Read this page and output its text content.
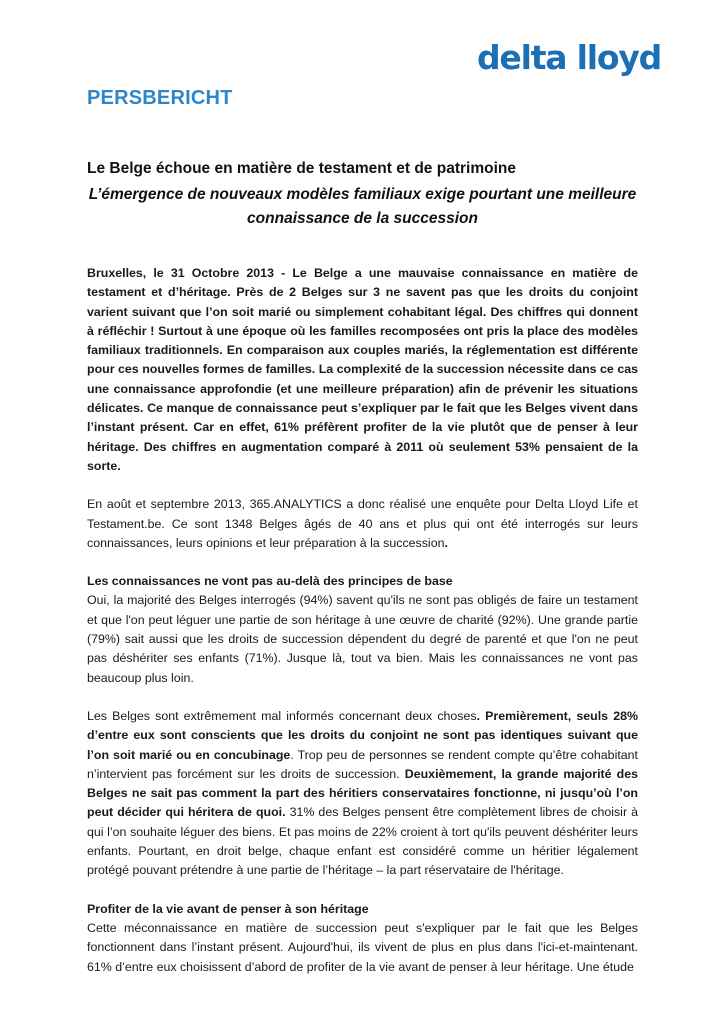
delta lloyd
PERSBERICHT
Le Belge échoue en matière de testament et de patrimoine
L’émergence de nouveaux modèles familiaux exige pourtant une meilleure connaissance de la succession

Bruxelles, le 31 Octobre 2013 - Le Belge a une mauvaise connaissance en matière de testament et d’héritage. Près de 2 Belges sur 3 ne savent pas que les droits du conjoint varient suivant que l’on soit marié ou simplement cohabitant légal. Des chiffres qui donnent à réfléchir ! Surtout à une époque où les familles recomposées ont pris la place des modèles familiaux traditionnels. En comparaison aux couples mariés, la réglementation est différente pour ces nouvelles formes de familles. La complexité de la succession nécessite dans ce cas une connaissance approfondie (et une meilleure préparation) afin de prévenir les situations délicates. Ce manque de connaissance peut s’expliquer par le fait que les Belges vivent dans l’instant présent. Car en effet, 61% préfèrent profiter de la vie plutôt que de penser à leur héritage. Des chiffres en augmentation comparé à 2011 où seulement 53% pensaient de la sorte.

En août et septembre 2013, 365.ANALYTICS a donc réalisé une enquête pour Delta Lloyd Life et Testament.be. Ce sont 1348 Belges âgés de 40 ans et plus qui ont été interrogés sur leurs connaissances, leurs opinions et leur préparation à la succession.

Les connaissances ne vont pas au-delà des principes de base

Oui, la majorité des Belges interrogés (94%) savent qu'ils ne sont pas obligés de faire un testament et que l'on peut léguer une partie de son héritage à une œuvre de charité (92%). Une grande partie (79%) sait aussi que les droits de succession dépendent du degré de parenté et que l'on ne peut pas déshériter ses enfants (71%). Jusque là, tout va bien. Mais les connaissances ne vont pas beaucoup plus loin.

Les Belges sont extrêmement mal informés concernant deux choses. Premièrement, seuls 28% d’entre eux sont conscients que les droits du conjoint ne sont pas identiques suivant que l’on soit marié ou en concubinage. Trop peu de personnes se rendent compte qu’être cohabitant n’intervient pas forcément sur les droits de succession. Deuxièmement, la grande majorité des Belges ne sait pas comment la part des héritiers conservataires fonctionne, ni jusqu’où l’on peut décider qui héritera de quoi. 31% des Belges pensent être complètement libres de choisir à qui l’on souhaite léguer des biens. Et pas moins de 22% croient à tort qu'ils peuvent déshériter leurs enfants. Pourtant, en droit belge, chaque enfant est considéré comme un héritier légalement protégé pouvant prétendre à une partie de l’héritage – la part réservataire de l'héritage.

Profiter de la vie avant de penser à son héritage

Cette méconnaissance en matière de succession peut s'expliquer par le fait que les Belges fonctionnent dans l’instant présent. Aujourd'hui, ils vivent de plus en plus dans l'ici-et-maintenant. 61% d’entre eux choisissent d’abord de profiter de la vie avant de penser à leur héritage. Une étude
